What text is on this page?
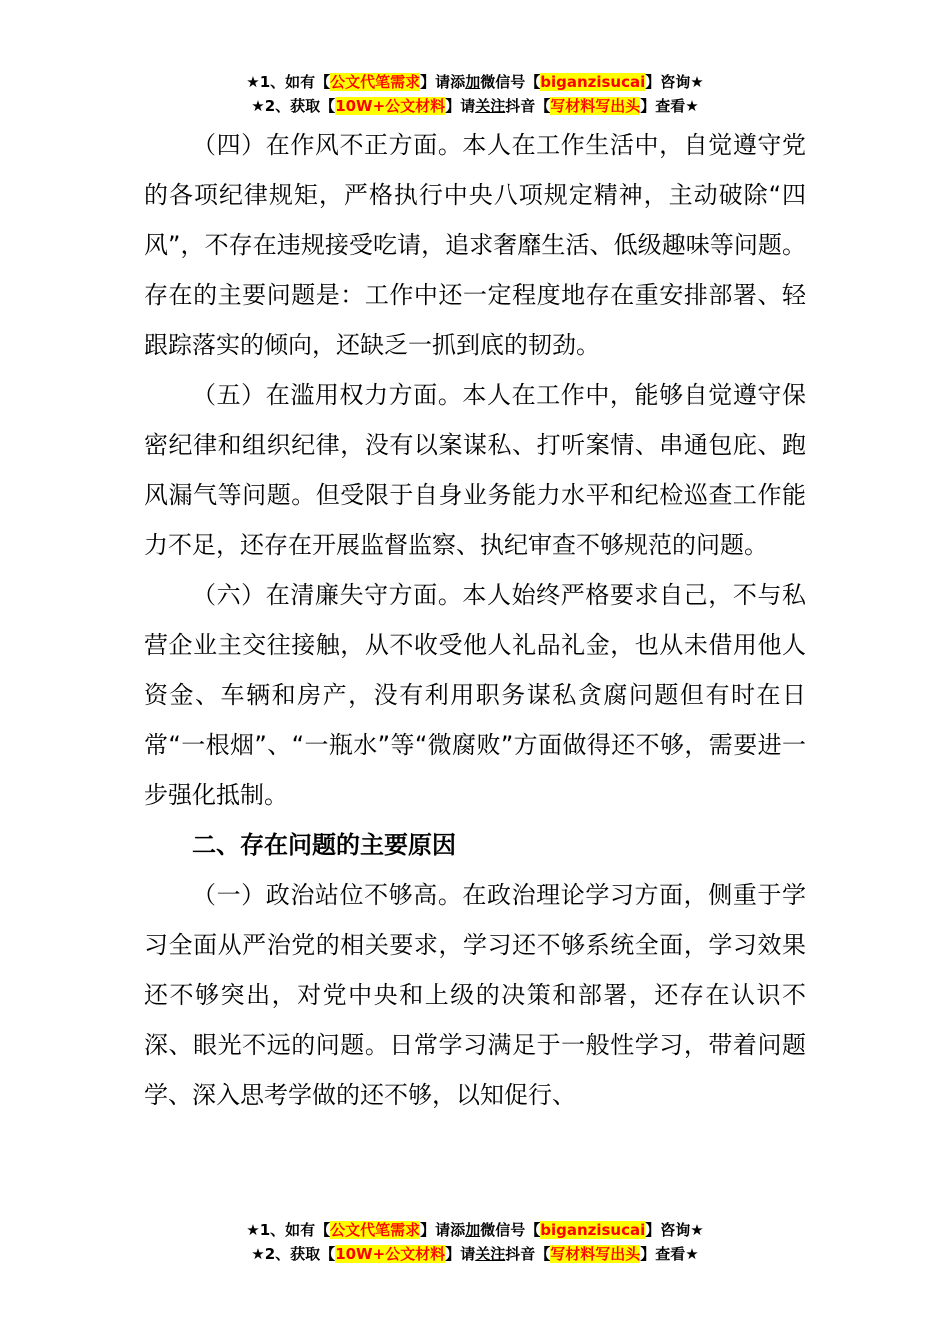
★1、如有【公文代笔需求】请添加微信号【biganzisucai】咨询★
★2、获取【10W+公文材料】请关注抖音【写材料写出头】查看★

（四）在作风不正方面。本人在工作生活中，自觉遵守党的各项纪律规矩，严格执行中央八项规定精神，主动破除“四风”，不存在违规接受吃请，追求奢靡生活、低级趣味等问题。存在的主要问题是：工作中还一定程度地存在重安排部署、轻跟踪落实的倾向，还缺乏一抓到底的韧劲。

（五）在滥用权力方面。本人在工作中，能够自觉遵守保密纪律和组织纪律，没有以案谋私、打听案情、串通包庇、跑风漏气等问题。但受限于自身业务能力水平和纪检巡查工作能力不足，还存在开展监督监察、执纪审查不够规范的问题。

（六）在清廉失守方面。本人始终严格要求自己，不与私营企业主交往接触，从不收受他人礼品礼金，也从未借用他人资金、车辆和房产，没有利用职务谋私贪腐问题但有时在日常“一根烟”、“一瓶水”等“微腐败”方面做得还不够，需要进一步强化抵制。

二、存在问题的主要原因

（一）政治站位不够高。在政治理论学习方面，侧重于学习全面从严治党的相关要求，学习还不够系统全面，学习效果还不够突出，对党中央和上级的决策和部署，还存在认识不深、眼光不远的问题。日常学习满足于一般性学习，带着问题学、深入思考学做的还不够，以知促行、

★1、如有【公文代笔需求】请添加微信号【biganzisucai】咨询★
★2、获取【10W+公文材料】请关注抖音【写材料写出头】查看★
